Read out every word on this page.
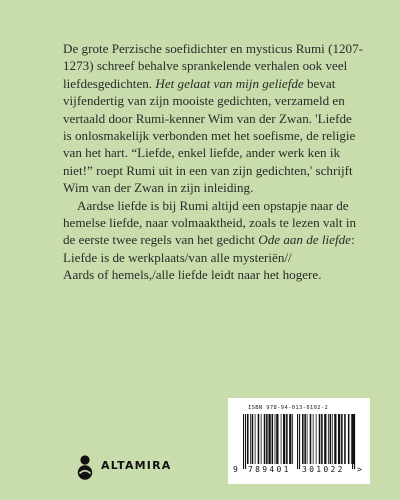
De grote Perzische soefidichter en mysticus Rumi (1207-1273) schreef behalve sprankelende verhalen ook veel liefdesgedichten. Het gelaat van mijn geliefde bevat vijfendertig van zijn mooiste gedichten, verzameld en vertaald door Rumi-kenner Wim van der Zwan. 'Liefde is onlosmakelijk verbonden met het soefisme, de religie van het hart. “Liefde, enkel liefde, ander werk ken ik niet!” roept Rumi uit in een van zijn gedichten,' schrijft Wim van der Zwan in zijn inleiding.

Aardse liefde is bij Rumi altijd een opstapje naar de hemelse liefde, naar volmaaktheid, zoals te lezen valt in de eerste twee regels van het gedicht Ode aan de liefde:

Liefde is de werkplaats/van alle mysteriën//

Aards of hemels,/alle liefde leidt naar het hogere.

ISBN 978-94-013-0102-2
9 789401 301022 >
ALTAMIRA
